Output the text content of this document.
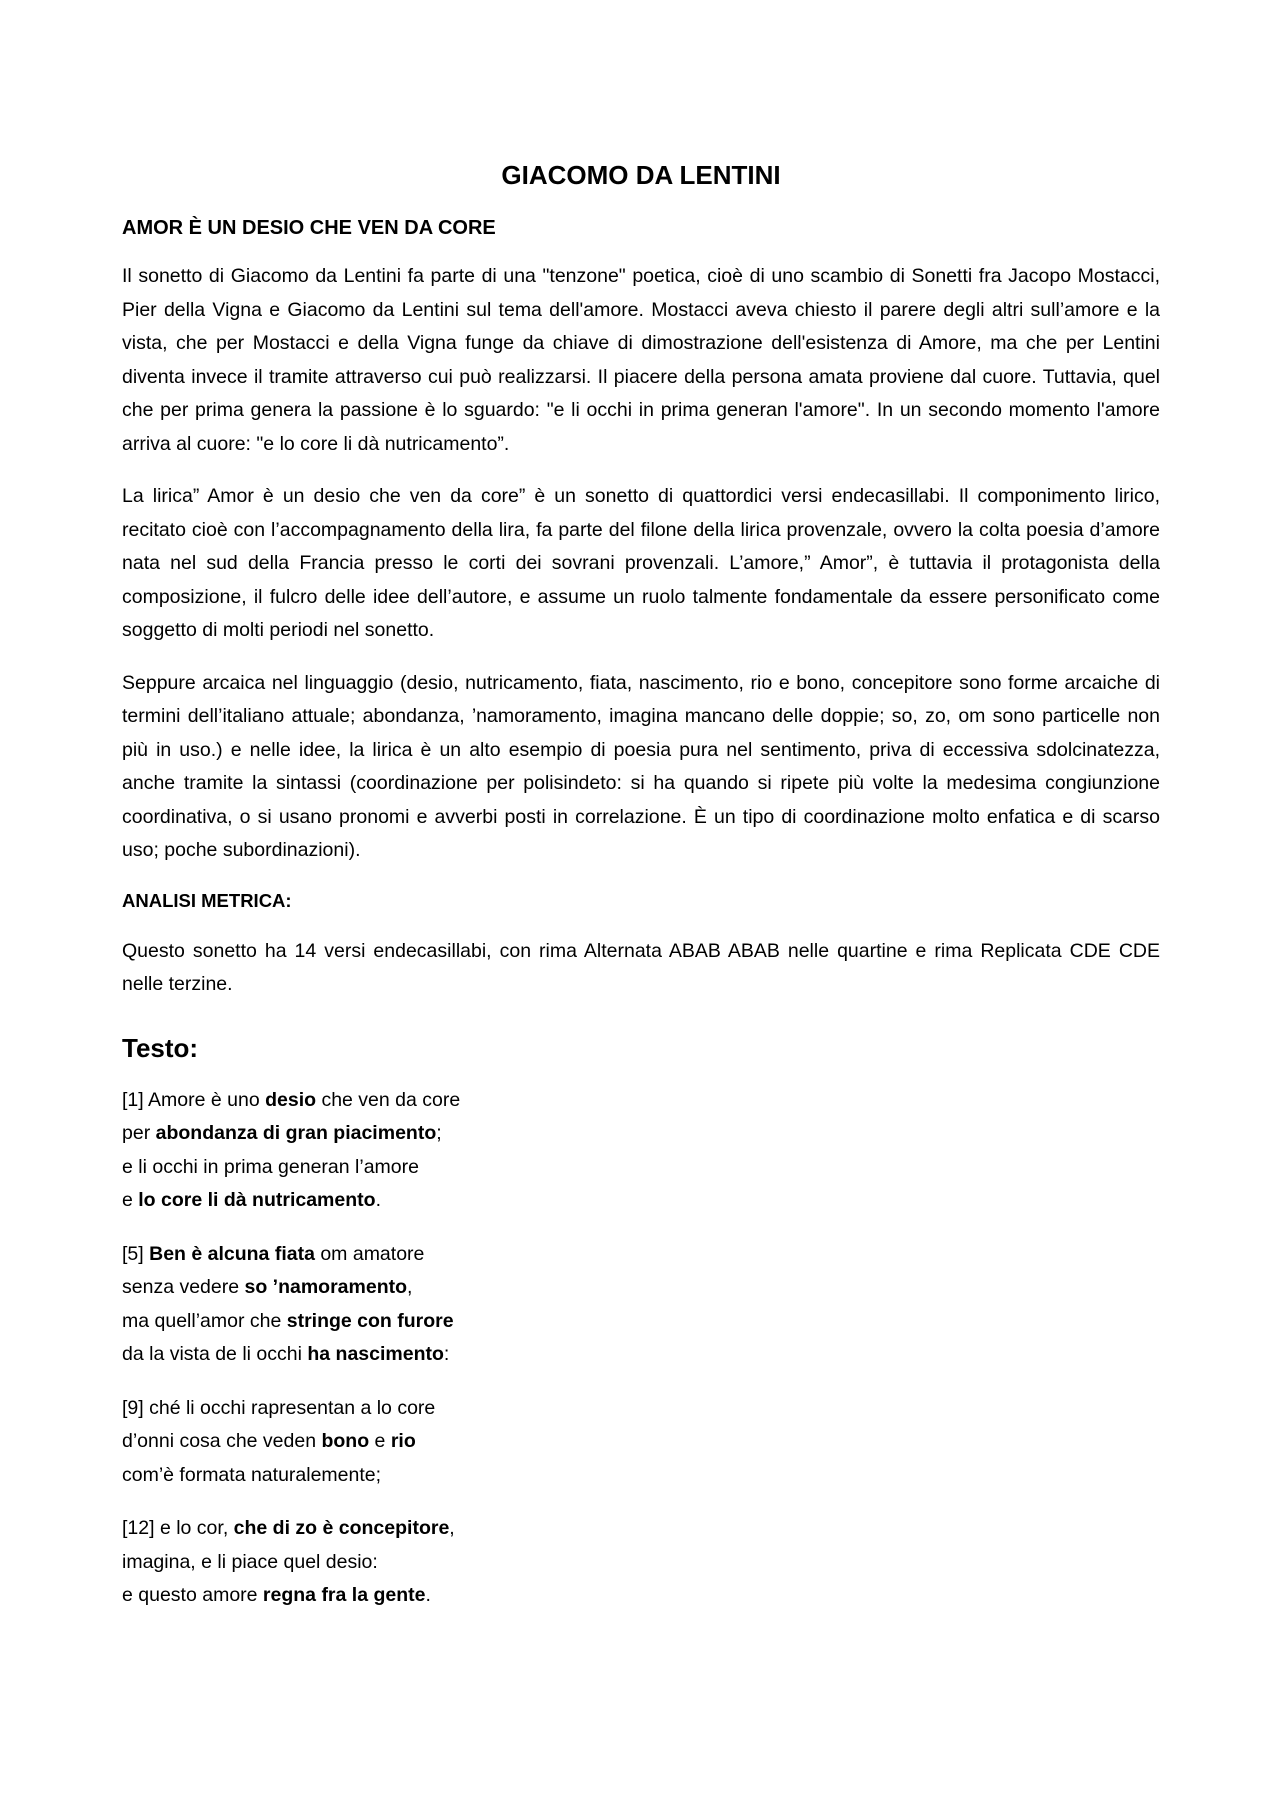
GIACOMO DA LENTINI
AMOR È UN DESIO CHE VEN DA CORE

Il sonetto di Giacomo da Lentini fa parte di una "tenzone" poetica, cioè di uno scambio di Sonetti fra Jacopo Mostacci, Pier della Vigna e Giacomo da Lentini sul tema dell'amore. Mostacci aveva chiesto il parere degli altri sull’amore e la vista, che per Mostacci e della Vigna funge da chiave di dimostrazione dell'esistenza di Amore, ma che per Lentini diventa invece il tramite attraverso cui può realizzarsi. Il piacere della persona amata proviene dal cuore. Tuttavia, quel che per prima genera la passione è lo sguardo: "e li occhi in prima generan l'amore". In un secondo momento l'amore arriva al cuore: "e lo core li dà nutricamento”.

La lirica” Amor è un desio che ven da core” è un sonetto di quattordici versi endecasillabi. Il componimento lirico, recitato cioè con l’accompagnamento della lira, fa parte del filone della lirica provenzale, ovvero la colta poesia d’amore nata nel sud della Francia presso le corti dei sovrani provenzali. L’amore,” Amor”, è tuttavia il protagonista della composizione, il fulcro delle idee dell’autore, e assume un ruolo talmente fondamentale da essere personificato come soggetto di molti periodi nel sonetto.

Seppure arcaica nel linguaggio (desio, nutricamento, fiata, nascimento, rio e bono, concepitore sono forme arcaiche di termini dell’italiano attuale; abondanza, ’namoramento, imagina mancano delle doppie; so, zo, om sono particelle non più in uso.) e nelle idee, la lirica è un alto esempio di poesia pura nel sentimento, priva di eccessiva sdolcinatezza, anche tramite la sintassi (coordinazione per polisindeto: si ha quando si ripete più volte la medesima congiunzione coordinativa, o si usano pronomi e avverbi posti in correlazione. È un tipo di coordinazione molto enfatica e di scarso uso; poche subordinazioni).

ANALISI METRICA:

Questo sonetto ha 14 versi endecasillabi, con rima Alternata ABAB ABAB nelle quartine e rima Replicata CDE CDE nelle terzine.

Testo:
[1] Amore è uno desio che ven da core
per abondanza di gran piacimento;
e li occhi in prima generan l’amore
e lo core li dà nutricamento.
[5] Ben è alcuna fiata om amatore
senza vedere so ’namoramento,
ma quell’amor che stringe con furore
da la vista de li occhi ha nascimento:
[9] ché li occhi rapresentan a lo core
d’onni cosa che veden bono e rio
com’è formata naturalemente;
[12] e lo cor, che di zo è concepitore,
imagina, e li piace quel desio:
e questo amore regna fra la gente.
